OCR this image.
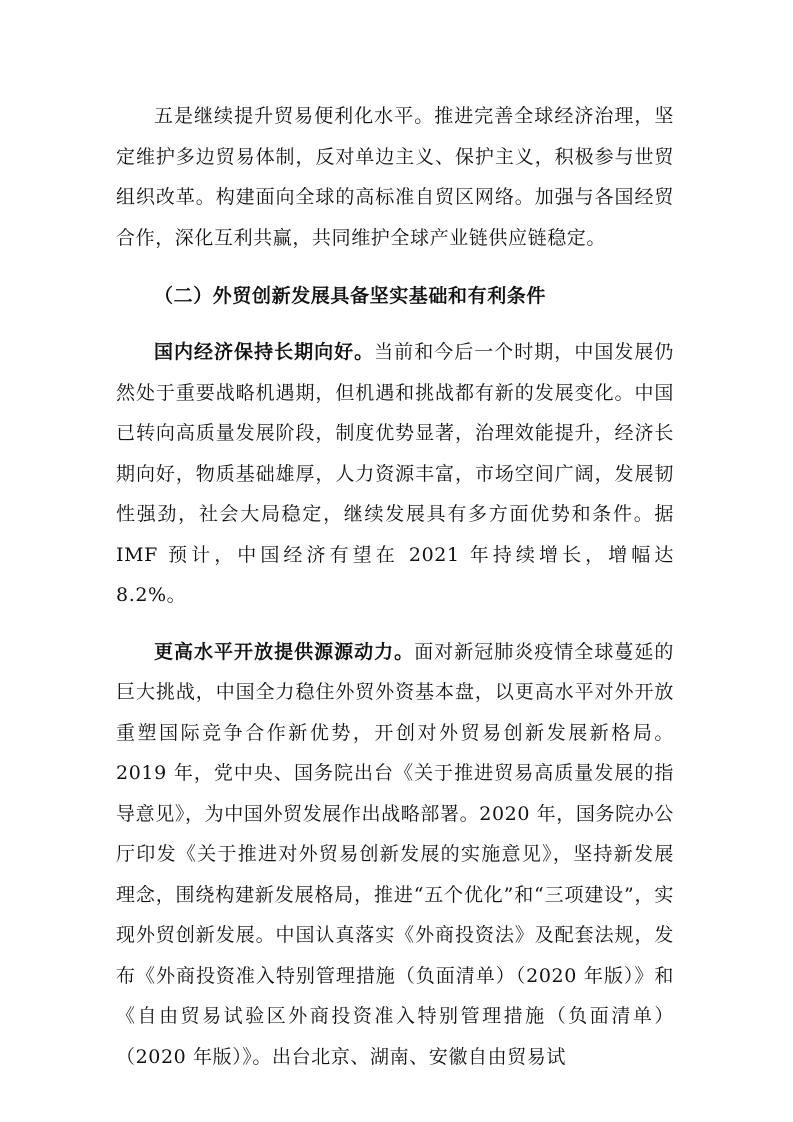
五是继续提升贸易便利化水平。推进完善全球经济治理，坚定维护多边贸易体制，反对单边主义、保护主义，积极参与世贸组织改革。构建面向全球的高标准自贸区网络。加强与各国经贸合作，深化互利共赢，共同维护全球产业链供应链稳定。

（二）外贸创新发展具备坚实基础和有利条件

国内经济保持长期向好。当前和今后一个时期，中国发展仍然处于重要战略机遇期，但机遇和挑战都有新的发展变化。中国已转向高质量发展阶段，制度优势显著，治理效能提升，经济长期向好，物质基础雄厚，人力资源丰富，市场空间广阔，发展韧性强劲，社会大局稳定，继续发展具有多方面优势和条件。据 IMF 预计，中国经济有望在 2021 年持续增长，增幅达 8.2%。

更高水平开放提供源源动力。面对新冠肺炎疫情全球蔓延的巨大挑战，中国全力稳住外贸外资基本盘，以更高水平对外开放重塑国际竞争合作新优势，开创对外贸易创新发展新格局。2019 年，党中央、国务院出台《关于推进贸易高质量发展的指导意见》，为中国外贸发展作出战略部署。2020 年，国务院办公厅印发《关于推进对外贸易创新发展的实施意见》，坚持新发展理念，围绕构建新发展格局，推进“五个优化”和“三项建设”，实现外贸创新发展。中国认真落实《外商投资法》及配套法规，发布《外商投资准入特别管理措施（负面清单）（2020 年版）》和《自由贸易试验区外商投资准入特别管理措施（负面清单）（2020 年版）》。出台北京、湖南、安徽自由贸易试
